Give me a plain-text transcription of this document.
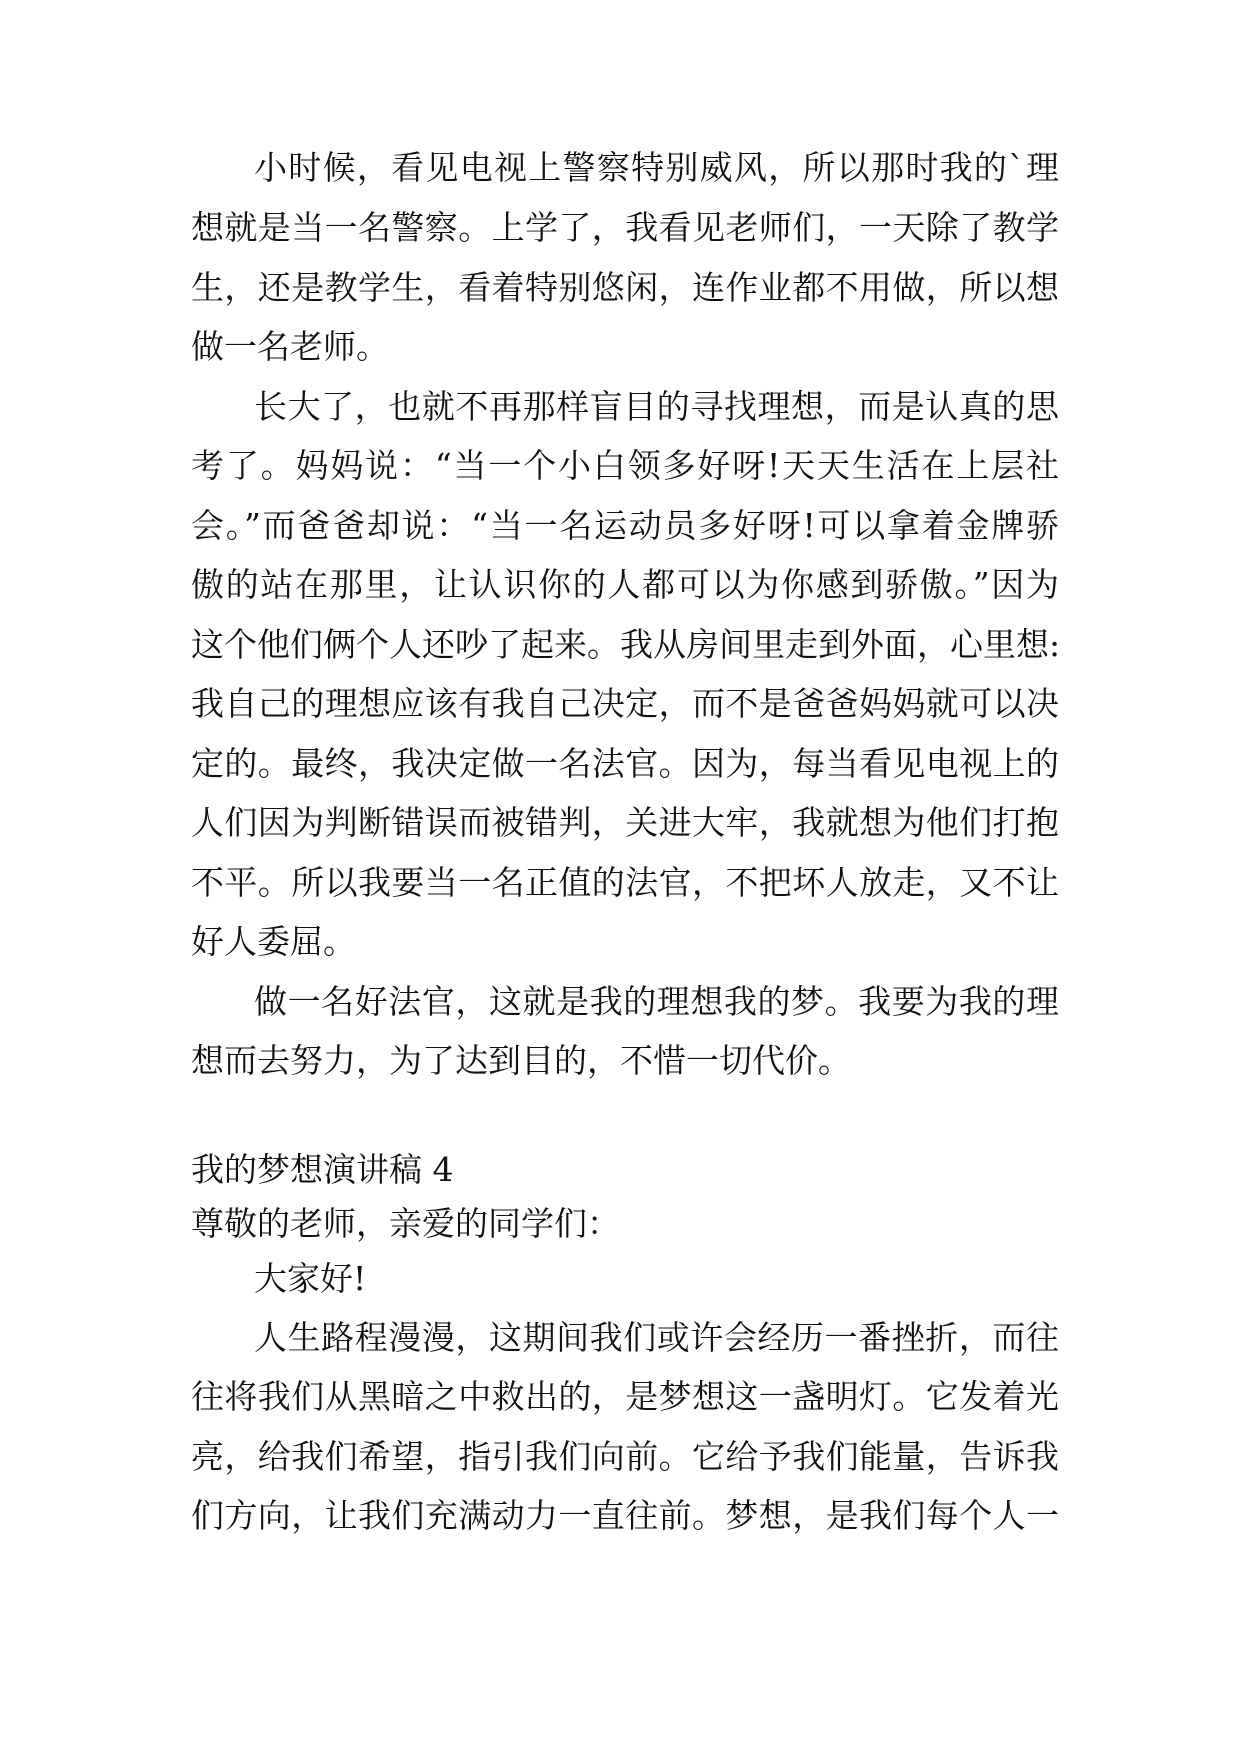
小时候，看见电视上警察特别威风，所以那时我的`理
想就是当一名警察。上学了，我看见老师们，一天除了教学
生，还是教学生，看着特别悠闲，连作业都不用做，所以想
做一名老师。
长大了，也就不再那样盲目的寻找理想，而是认真的思
考了。妈妈说：“当一个小白领多好呀!天天生活在上层社
会。”而爸爸却说：“当一名运动员多好呀!可以拿着金牌骄
傲的站在那里，让认识你的人都可以为你感到骄傲。”因为
这个他们俩个人还吵了起来。我从房间里走到外面，心里想:
我自己的理想应该有我自己决定，而不是爸爸妈妈就可以决
定的。最终，我决定做一名法官。因为，每当看见电视上的
人们因为判断错误而被错判，关进大牢，我就想为他们打抱
不平。所以我要当一名正值的法官，不把坏人放走，又不让
好人委屈。
做一名好法官，这就是我的理想我的梦。我要为我的理
想而去努力，为了达到目的，不惜一切代价。
我的梦想演讲稿 4
尊敬的老师，亲爱的同学们：
大家好!
人生路程漫漫，这期间我们或许会经历一番挫折，而往
往将我们从黑暗之中救出的，是梦想这一盏明灯。它发着光
亮，给我们希望，指引我们向前。它给予我们能量，告诉我
们方向，让我们充满动力一直往前。梦想，是我们每个人一
